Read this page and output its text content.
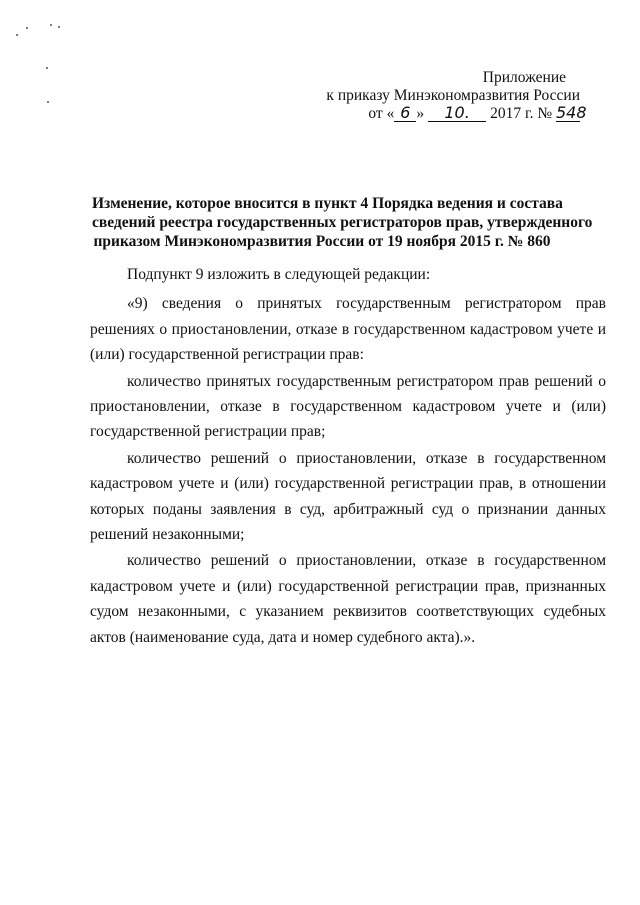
Приложение
к приказу Минэкономразвития России
от « 6 » 10. 2017 г. № 548
Изменение, которое вносится в пункт 4 Порядка ведения и состава
сведений реестра государственных регистраторов прав, утвержденного
приказом Минэкономразвития России от 19 ноября 2015 г. № 860

Подпункт 9 изложить в следующей редакции:

«9) сведения о принятых государственным регистратором прав решениях о приостановлении, отказе в государственном кадастровом учете и (или) государственной регистрации прав:

количество принятых государственным регистратором прав решений о приостановлении, отказе в государственном кадастровом учете и (или) государственной регистрации прав;

количество решений о приостановлении, отказе в государственном кадастровом учете и (или) государственной регистрации прав, в отношении которых поданы заявления в суд, арбитражный суд о признании данных решений незаконными;

количество решений о приостановлении, отказе в государственном кадастровом учете и (или) государственной регистрации прав, признанных судом незаконными, с указанием реквизитов соответствующих судебных актов (наименование суда, дата и номер судебного акта).».
